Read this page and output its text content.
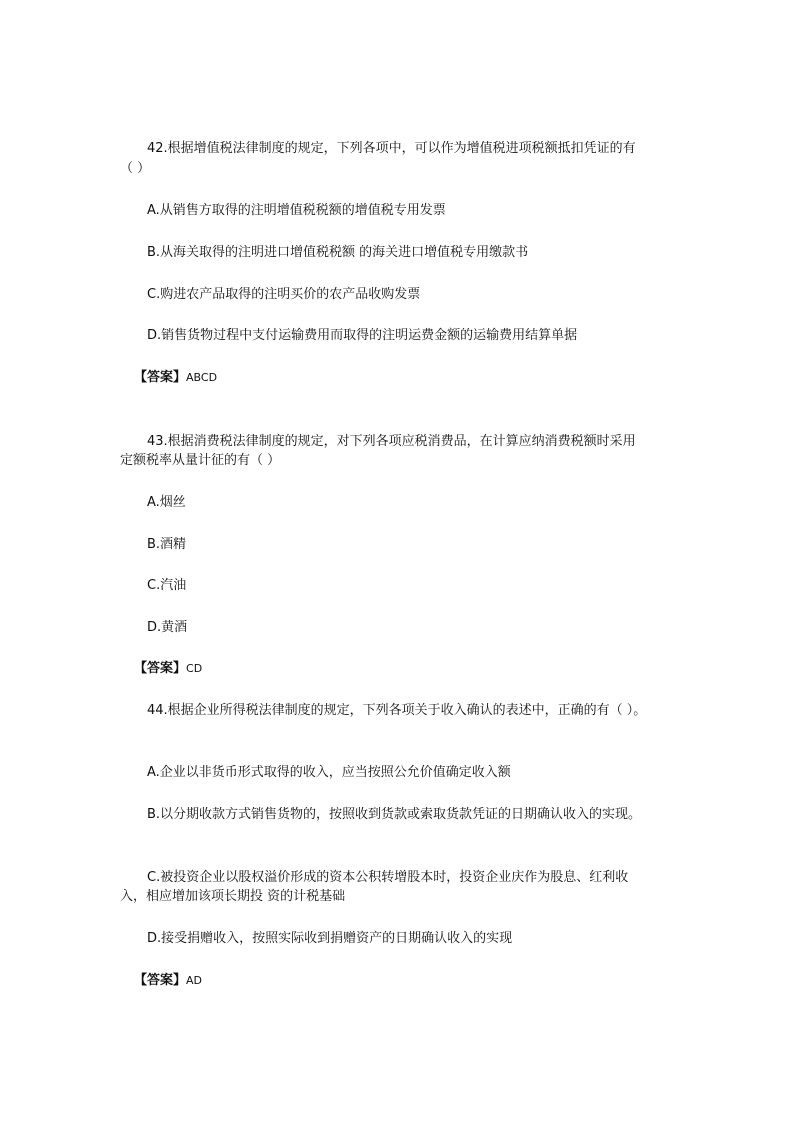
42.根据增值税法律制度的规定，下列各项中，可以作为增值税进项税额抵扣凭证的有
（ ）
A.从销售方取得的注明增值税税额的增值税专用发票
B.从海关取得的注明进口增值税税额 的海关进口增值税专用缴款书
C.购进农产品取得的注明买价的农产品收购发票
D.销售货物过程中支付运输费用而取得的注明运费金额的运输费用结算单据
【答案】ABCD
43.根据消费税法律制度的规定，对下列各项应税消费品，在计算应纳消费税额时采用
定额税率从量计征的有（ ）
A.烟丝
B.酒精
C.汽油
D.黄酒
【答案】CD
44.根据企业所得税法律制度的规定，下列各项关于收入确认的表述中，正确的有（ ）。
A.企业以非货币形式取得的收入，应当按照公允价值确定收入额
B.以分期收款方式销售货物的，按照收到货款或索取货款凭证的日期确认收入的实现。
C.被投资企业以股权溢价形成的资本公积转增股本时，投资企业庆作为股息、红利收
入，相应增加该项长期投 资的计税基础
D.接受捐赠收入，按照实际收到捐赠资产的日期确认收入的实现
【答案】AD
